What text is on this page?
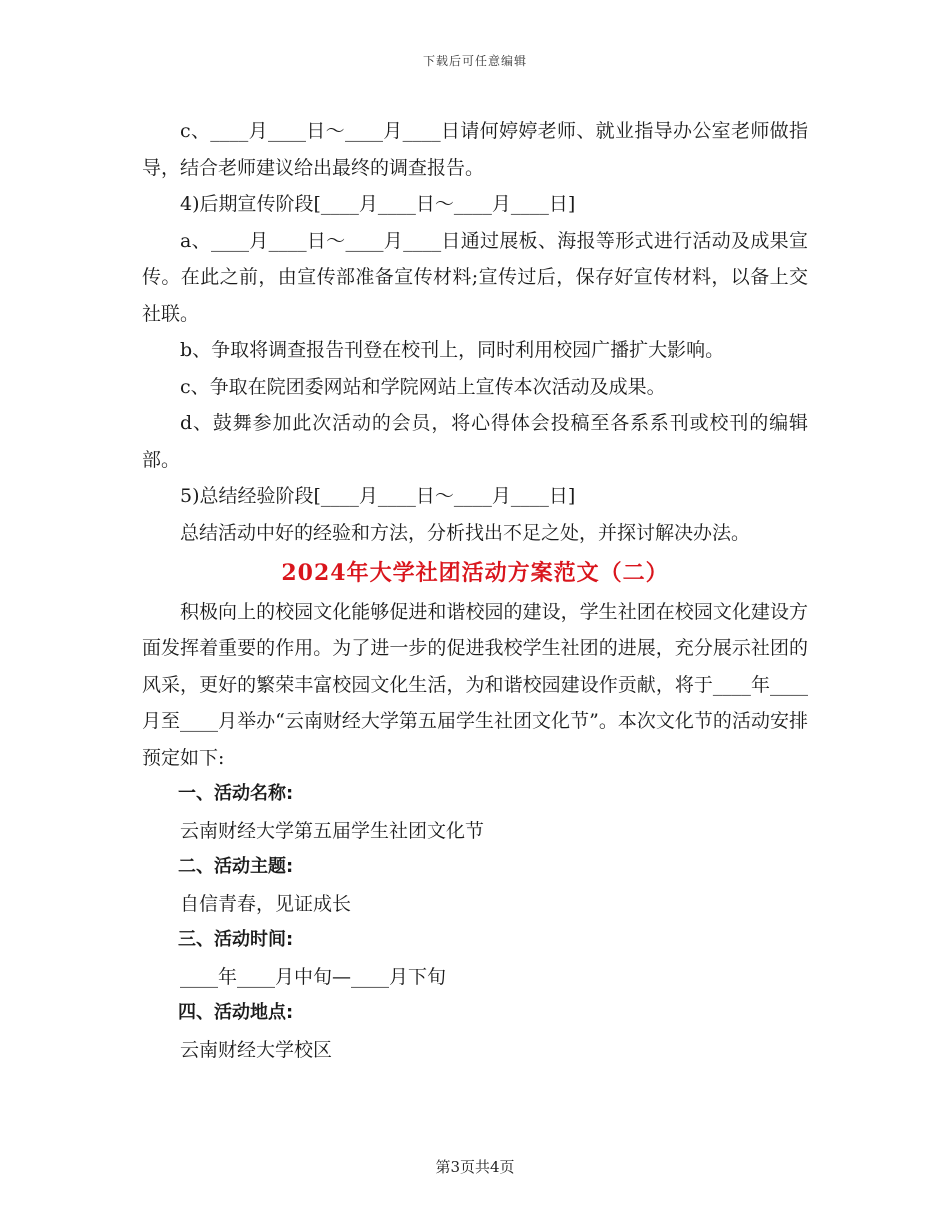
下载后可任意编辑

c、____月____日～____月____日请何婷婷老师、就业指导办公室老师做指导，结合老师建议给出最终的调查报告。

4)后期宣传阶段[____月____日～____月____日]

a、____月____日～____月____日通过展板、海报等形式进行活动及成果宣传。在此之前，由宣传部准备宣传材料;宣传过后，保存好宣传材料，以备上交社联。

b、争取将调查报告刊登在校刊上，同时利用校园广播扩大影响。

c、争取在院团委网站和学院网站上宣传本次活动及成果。

d、鼓舞参加此次活动的会员，将心得体会投稿至各系系刊或校刊的编辑部。

5)总结经验阶段[____月____日～____月____日]

总结活动中好的经验和方法，分析找出不足之处，并探讨解决办法。

2024年大学社团活动方案范文（二）

积极向上的校园文化能够促进和谐校园的建设，学生社团在校园文化建设方面发挥着重要的作用。为了进一步的促进我校学生社团的进展，充分展示社团的风采，更好的繁荣丰富校园文化生活，为和谐校园建设作贡献，将于____年____月至____月举办“云南财经大学第五届学生社团文化节”。本次文化节的活动安排预定如下:

一、活动名称:

云南财经大学第五届学生社团文化节

二、活动主题:

自信青春，见证成长

三、活动时间:

____年____月中旬—____月下旬

四、活动地点:

云南财经大学校区

第3页共4页
